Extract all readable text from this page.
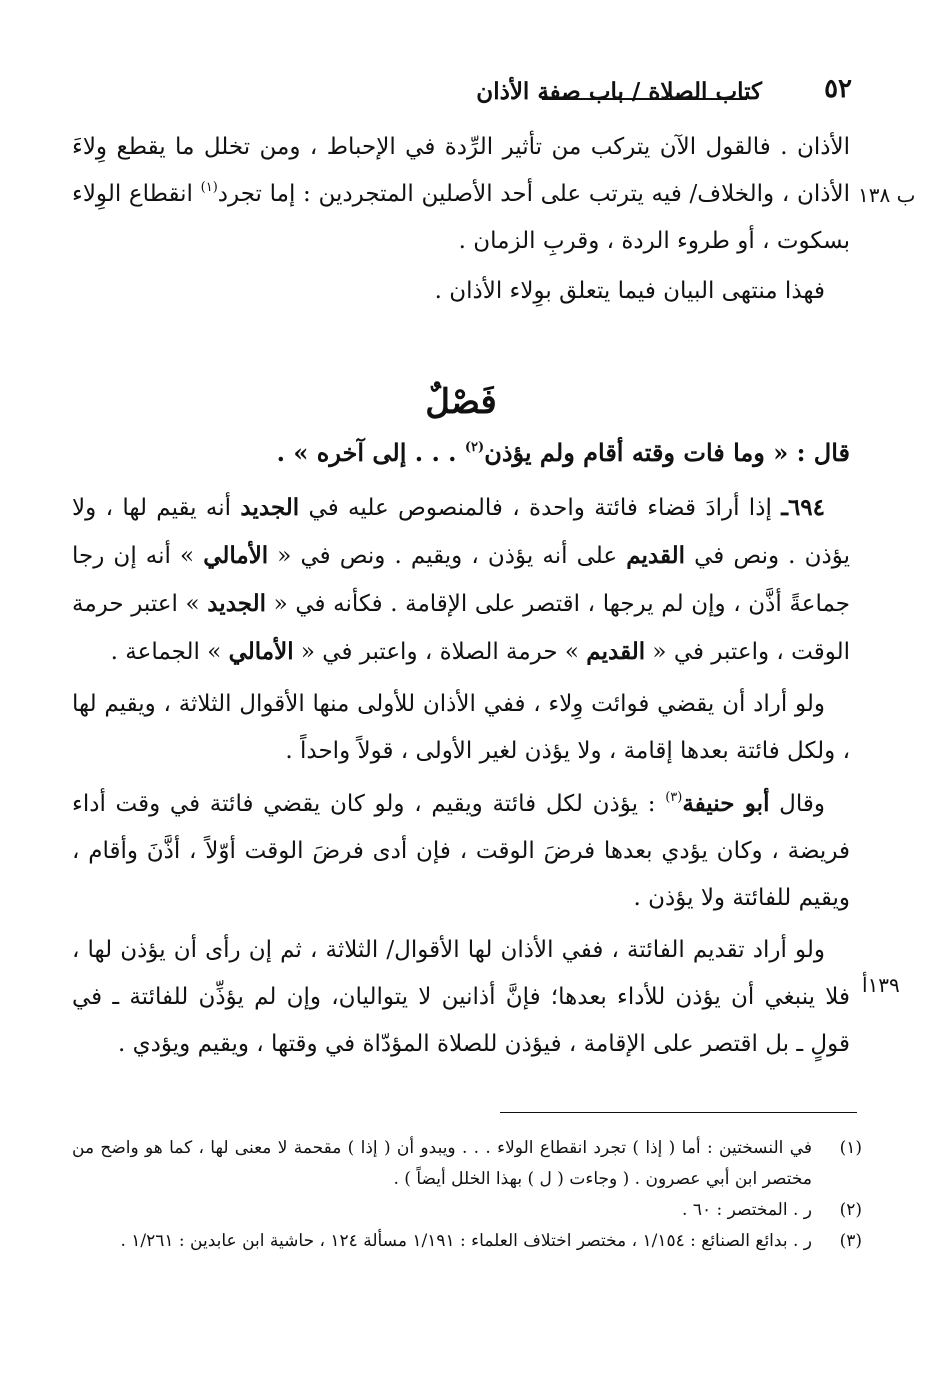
٥٢
كتاب الصلاة / باب صفة الأذان
ب ١٣٨
١٣٩أ

الأذان . فالقول الآن يتركب من تأثير الرِّدة في الإحباط ، ومن تخلل ما يقطع وِلاءَ الأذان ، والخلاف/ فيه يترتب على أحد الأصلين المتجردين : إما تجرد$^{(١)}$ انقطاع الوِلاء بسكوت ، أو طروء الردة ، وقربِ الزمان .

فهذا منتهى البيان فيما يتعلق بوِلاء الأذان .

فَصْلٌ

قال : « وما فات وقته أقام ولم يؤذن$^{(٢)}$ . . . إلى آخره » .

٦٩٤ـ إذا أرادَ قضاء فائتة واحدة ، فالمنصوص عليه في الجديد أنه يقيم لها ، ولا يؤذن . ونص في القديم على أنه يؤذن ، ويقيم . ونص في « الأمالي » أنه إن رجا جماعةً أذَّن ، وإن لم يرجها ، اقتصر على الإقامة . فكأنه في « الجديد » اعتبر حرمة الوقت ، واعتبر في « القديم » حرمة الصلاة ، واعتبر في « الأمالي » الجماعة .

ولو أراد أن يقضي فوائت وِلاء ، ففي الأذان للأولى منها الأقوال الثلاثة ، ويقيم لها ، ولكل فائتة بعدها إقامة ، ولا يؤذن لغير الأولى ، قولاً واحداً .

وقال أبو حنيفة$^{(٣)}$ : يؤذن لكل فائتة ويقيم ، ولو كان يقضي فائتة في وقت أداء فريضة ، وكان يؤدي بعدها فرضَ الوقت ، فإن أدى فرضَ الوقت أوّلاً ، أذَّنَ وأقام ، ويقيم للفائتة ولا يؤذن .

ولو أراد تقديم الفائتة ، ففي الأذان لها الأقوال/ الثلاثة ، ثم إن رأى أن يؤذن لها ، فلا ينبغي أن يؤذن للأداء بعدها؛ فإنَّ أذانين لا يتواليان، وإن لم يؤذِّن للفائتة ـ في قولٍ ـ بل اقتصر على الإقامة ، فيؤذن للصلاة المؤدّاة في وقتها ، ويقيم ويؤدي .

(١)
في النسختين : أما ( إذا ) تجرد انقطاع الولاء . . . ويبدو أن ( إذا ) مقحمة لا معنى لها ، كما هو واضح من مختصر ابن أبي عصرون . ( وجاءت ( ل ) بهذا الخلل أيضاً ) .
(٢)
ر . المختصر : ٦٠ .
(٣)
ر . بدائع الصنائع : ١/١٥٤ ، مختصر اختلاف العلماء : ١/١٩١ مسألة ١٢٤ ، حاشية ابن عابدين : ١/٢٦١ .
